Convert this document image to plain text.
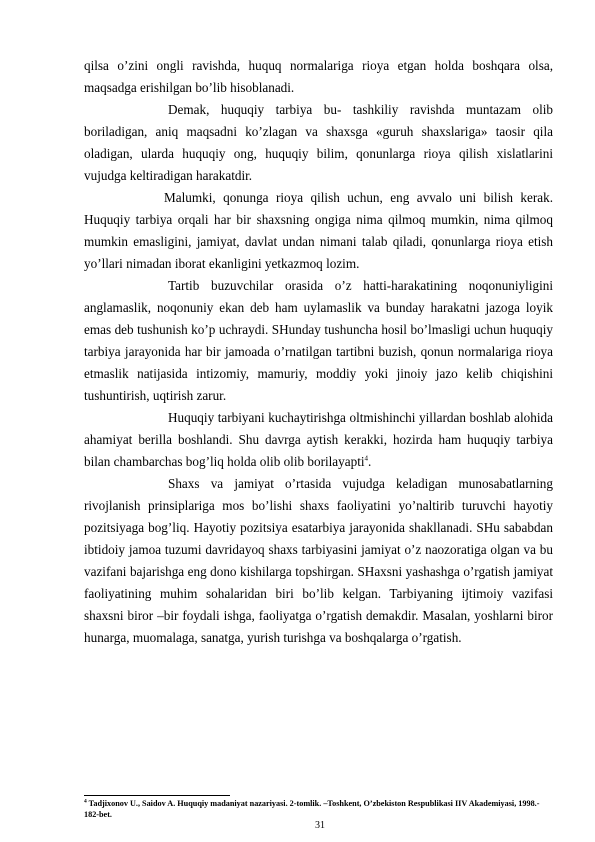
qilsa o’zini ongli ravishda, huquq normalariga rioya etgan holda boshqara olsa, maqsadga erishilgan bo’lib hisoblanadi.

Demak, huquqiy tarbiya bu- tashkiliy ravishda muntazam olib boriladigan, aniq maqsadni ko’zlagan va shaxsga «guruh shaxslariga» taosir qila oladigan, ularda huquqiy ong, huquqiy bilim, qonunlarga rioya qilish xislatlarini vujudga keltiradigan harakatdir.

Malumki, qonunga rioya qilish uchun, eng avvalo uni bilish kerak. Huquqiy tarbiya orqali har bir shaxsning ongiga nima qilmoq mumkin, nima qilmoq mumkin emasligini, jamiyat, davlat undan nimani talab qiladi, qonunlarga rioya etish yo’llari nimadan iborat ekanligini yetkazmoq lozim.

Tartib buzuvchilar orasida o’z hatti-harakatining noqonuniyligini anglamaslik, noqonuniy ekan deb ham uylamaslik va bunday harakatni jazoga loyik emas deb tushunish ko’p uchraydi. SHunday tushuncha hosil bo’lmasligi uchun huquqiy tarbiya jarayonida har bir jamoada o’rnatilgan tartibni buzish, qonun normalariga rioya etmaslik natijasida intizomiy, mamuriy, moddiy yoki jinoiy jazo kelib chiqishini tushuntirish, uqtirish zarur.

Huquqiy tarbiyani kuchaytirishga oltmishinchi yillardan boshlab alohida ahamiyat berilla boshlandi. Shu davrga aytish kerakki, hozirda ham huquqiy tarbiya bilan chambarchas bog’liq holda olib olib borilayapti$^4$.

Shaxs va jamiyat o’rtasida vujudga keladigan munosabatlarning rivojlanish prinsiplariga mos bo’lishi shaxs faoliyatini yo’naltirib turuvchi hayotiy pozitsiyaga bog’liq. Hayotiy pozitsiya esatarbiya jarayonida shakllanadi. SHu sababdan ibtidoiy jamoa tuzumi davridayoq shaxs tarbiyasini jamiyat o’z naozoratiga olgan va bu vazifani bajarishga eng dono kishilarga topshirgan. SHaxsni yashashga o’rgatish jamiyat faoliyatining muhim sohalaridan biri bo’lib kelgan. Tarbiyaning ijtimoiy vazifasi shaxsni biror –bir foydali ishga, faoliyatga o’rgatish demakdir. Masalan, yoshlarni biror hunarga, muomalaga, sanatga, yurish turishga va boshqalarga o’rgatish.

$^4$ Tadjixonov U., Saidov A. Huquqiy madaniyat nazariyasi. 2-tomlik. –Toshkent, O’zbekiston Respublikasi IIV Akademiyasi, 1998.- 182-bet.
31
